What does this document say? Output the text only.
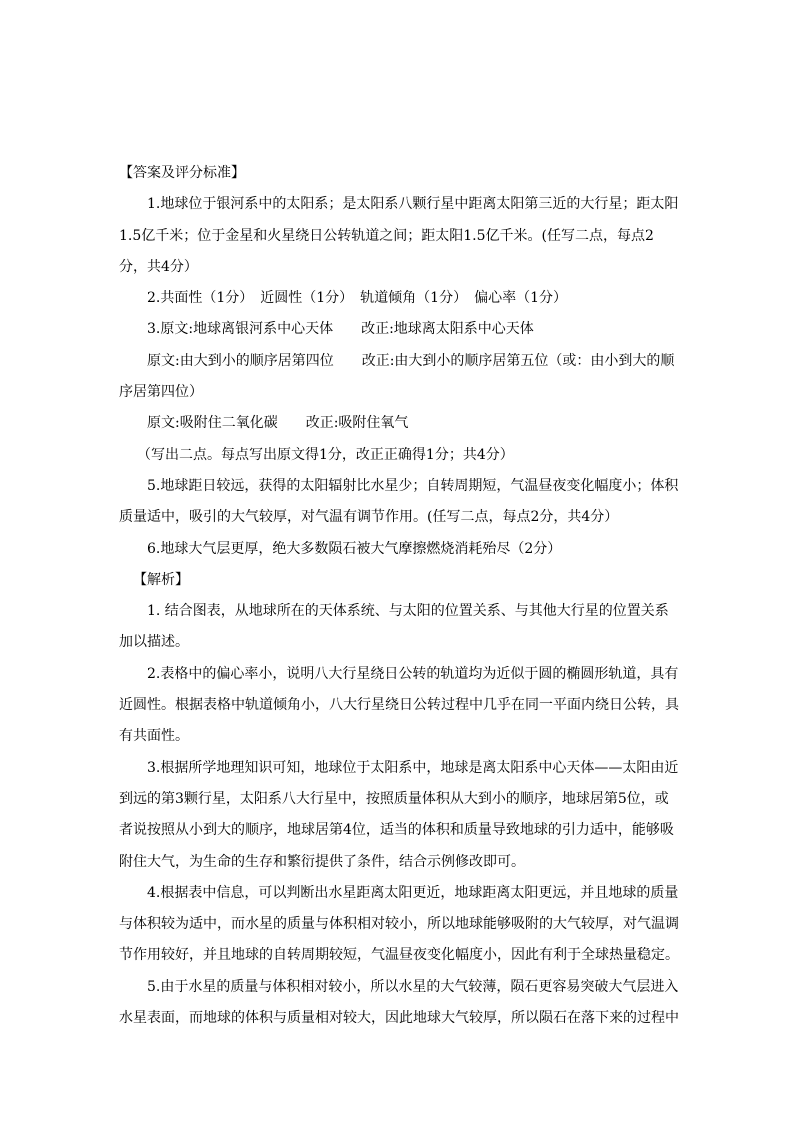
【答案及评分标准】

1.地球位于银河系中的太阳系；是太阳系八颗行星中距离太阳第三近的大行星；距太阳1.5亿千米；位于金星和火星绕日公转轨道之间；距太阳1.5亿千米。(任写二点，每点2分，共4分）

2.共面性（1分）　近圆性（1分）　轨道倾角（1分）　偏心率（1分）

3.原文:地球离银河系中心天体　　改正:地球离太阳系中心天体

原文:由大到小的顺序居第四位　　改正:由大到小的顺序居第五位（或：由小到大的顺序居第四位）

原文:吸附住二氧化碳　　改正:吸附住氧气

（写出二点。每点写出原文得1分，改正正确得1分；共4分）

5.地球距日较远，获得的太阳辐射比水星少；自转周期短，气温昼夜变化幅度小；体积质量适中，吸引的大气较厚，对气温有调节作用。(任写二点，每点2分，共4分）

6.地球大气层更厚，绝大多数陨石被大气摩擦燃烧消耗殆尽（2分）

【解析】

1. 结合图表，从地球所在的天体系统、与太阳的位置关系、与其他大行星的位置关系加以描述。

2.表格中的偏心率小，说明八大行星绕日公转的轨道均为近似于圆的椭圆形轨道，具有近圆性。根据表格中轨道倾角小，八大行星绕日公转过程中几乎在同一平面内绕日公转，具有共面性。

3.根据所学地理知识可知，地球位于太阳系中，地球是离太阳系中心天体——太阳由近到远的第3颗行星，太阳系八大行星中，按照质量体积从大到小的顺序，地球居第5位，或者说按照从小到大的顺序，地球居第4位，适当的体积和质量导致地球的引力适中，能够吸附住大气，为生命的生存和繁衍提供了条件，结合示例修改即可。

4.根据表中信息，可以判断出水星距离太阳更近，地球距离太阳更远，并且地球的质量与体积较为适中，而水星的质量与体积相对较小，所以地球能够吸附的大气较厚，对气温调节作用较好，并且地球的自转周期较短，气温昼夜变化幅度小，因此有利于全球热量稳定。

5.由于水星的质量与体积相对较小，所以水星的大气较薄，陨石更容易突破大气层进入水星表面，而地球的体积与质量相对较大，因此地球大气较厚，所以陨石在落下来的过程中
